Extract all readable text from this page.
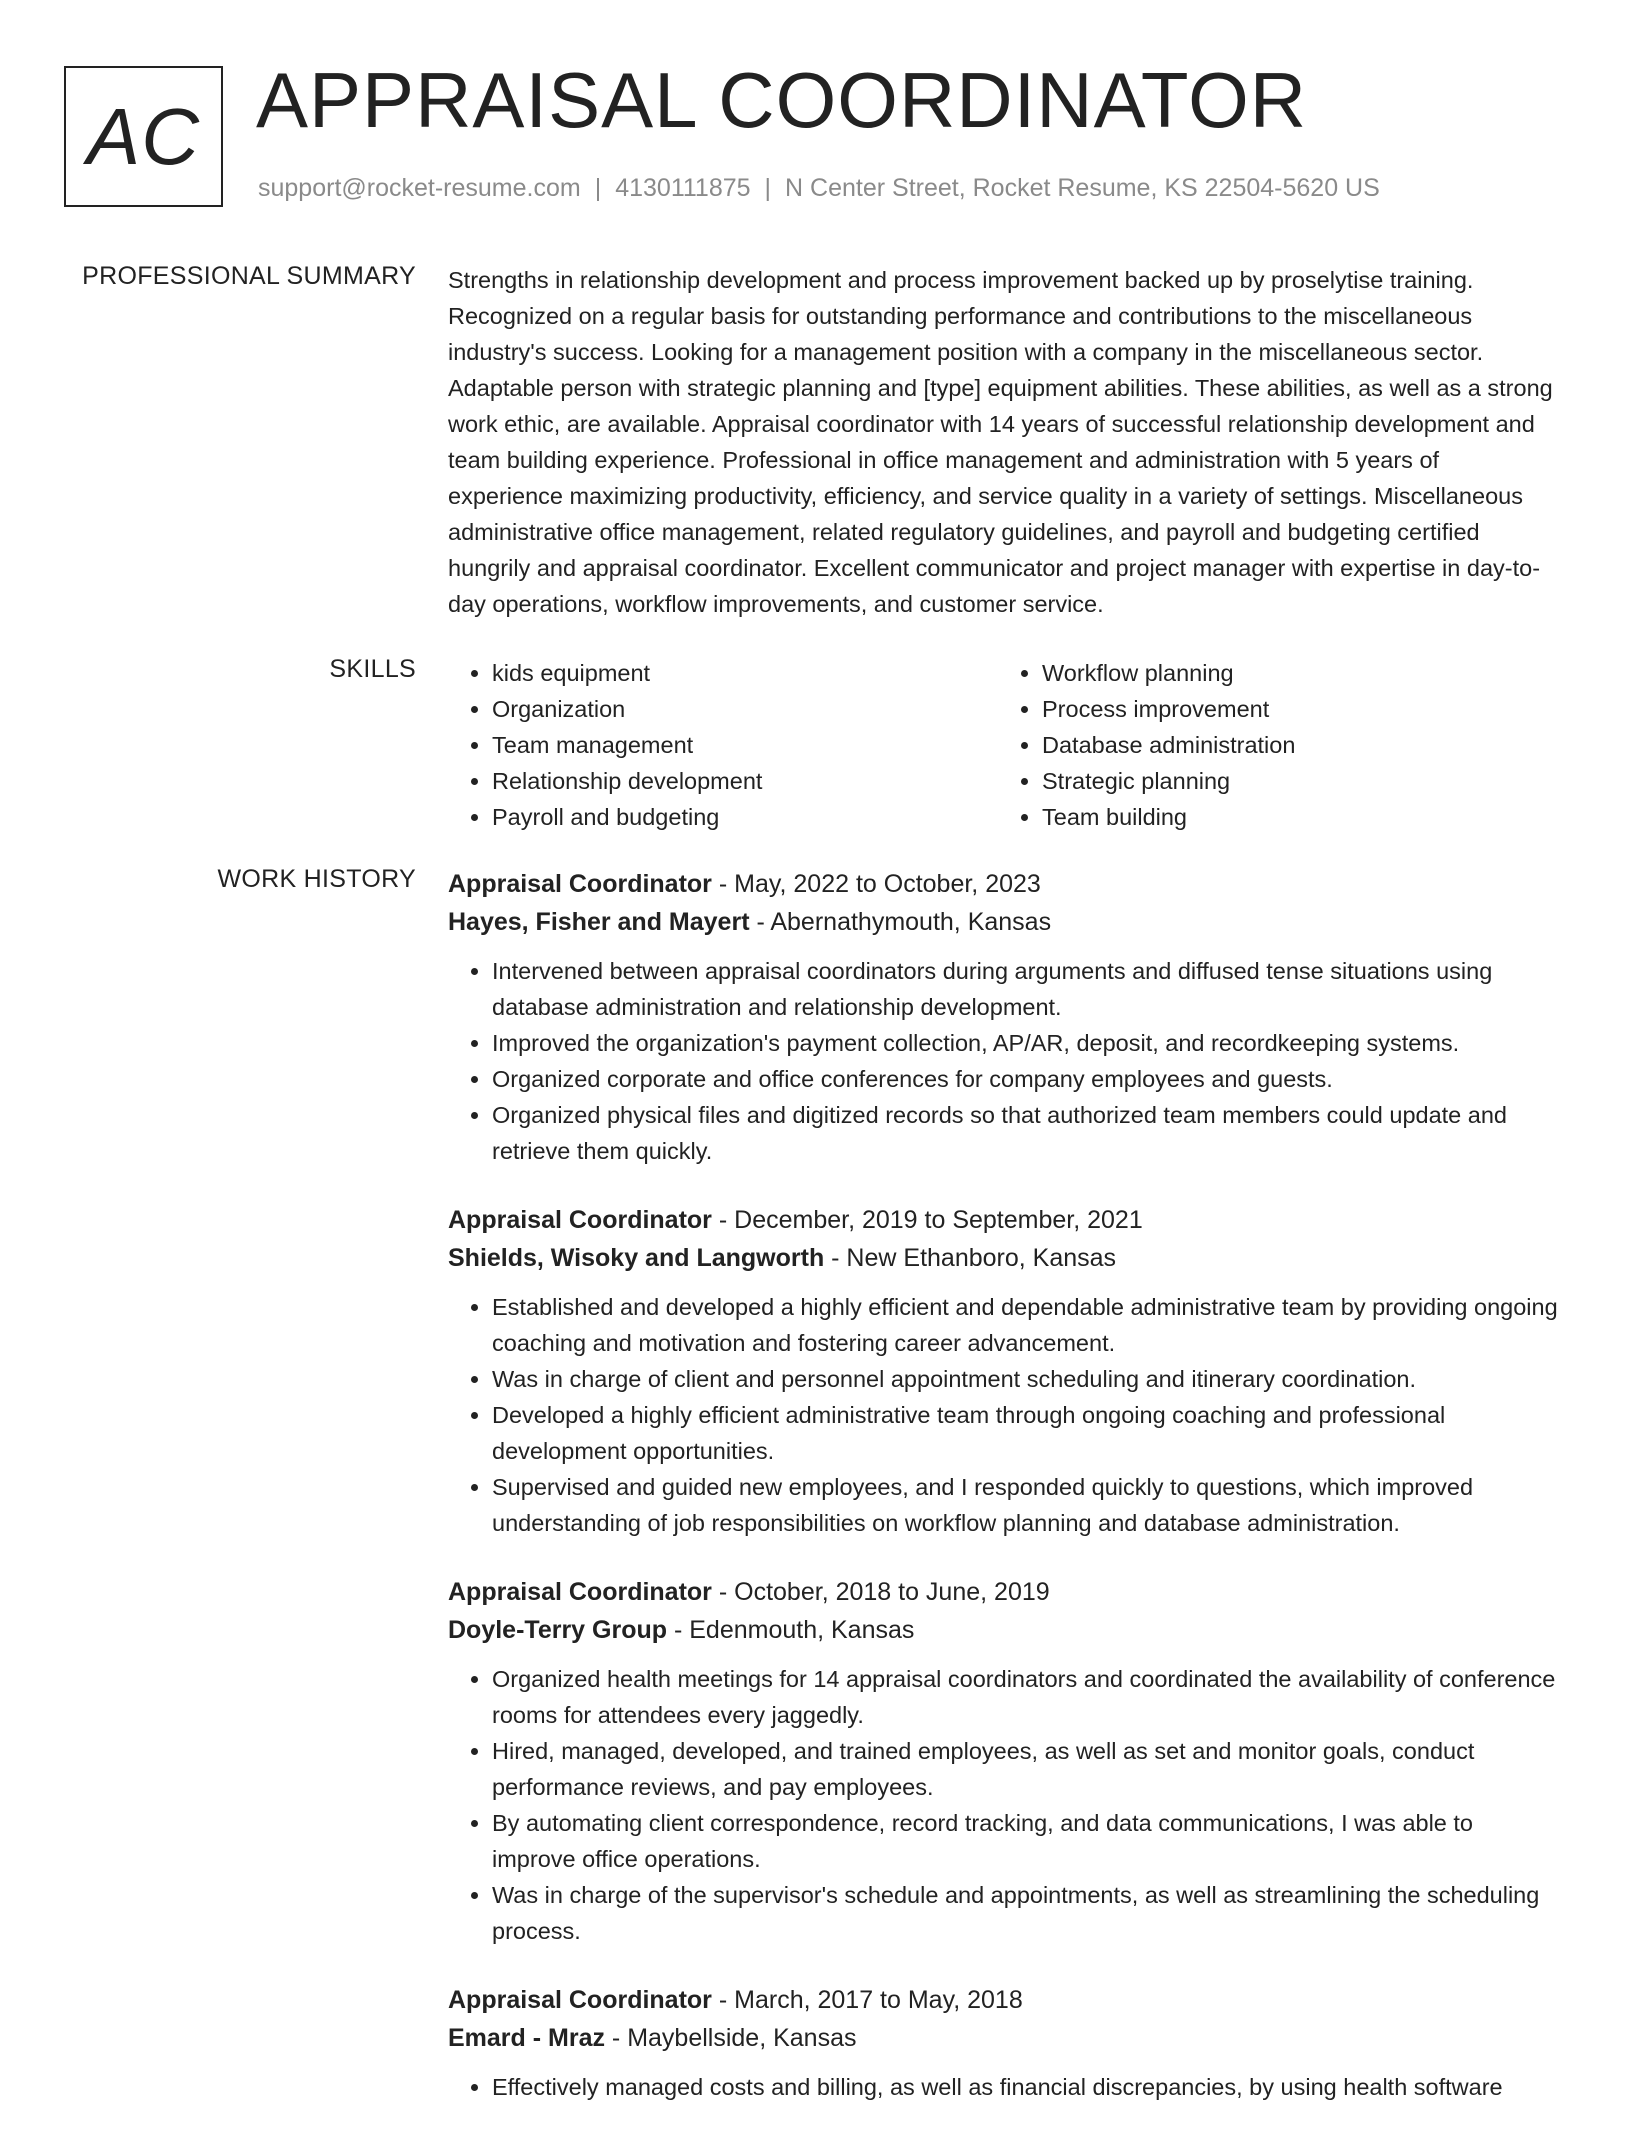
AC APPRAISAL COORDINATOR
support@rocket-resume.com | 4130111875 | N Center Street, Rocket Resume, KS 22504-5620 US
PROFESSIONAL SUMMARY Strengths in relationship development and process improvement backed up by proselytise training. Recognized on a regular basis for outstanding performance and contributions to the miscellaneous industry's success. Looking for a management position with a company in the miscellaneous sector. Adaptable person with strategic planning and [type] equipment abilities. These abilities, as well as a strong work ethic, are available. Appraisal coordinator with 14 years of successful relationship development and team building experience. Professional in office management and administration with 5 years of experience maximizing productivity, efficiency, and service quality in a variety of settings. Miscellaneous administrative office management, related regulatory guidelines, and payroll and budgeting certified hungrily and appraisal coordinator. Excellent communicator and project manager with expertise in day-to-day operations, workflow improvements, and customer service.

SKILLS
•	kids equipment
• Organization
• Team management
• Relationship development
• Payroll and budgeting
• Workflow planning
• Process improvement
• Database administration
• Strategic planning
• Team building
WORK HISTORY Appraisal Coordinator - May, 2022 to October, 2023
Hayes, Fisher and Mayert - Abernathymouth, Kansas
• Intervened between appraisal coordinators during arguments and diffused tense situations using database administration and relationship development.
• Improved the organization's payment collection, AP/AR, deposit, and recordkeeping systems.
• Organized corporate and office conferences for company employees and guests.
• Organized physical files and digitized records so that authorized team members could update and retrieve them quickly.
Appraisal Coordinator - December, 2019 to September, 2021
Shields, Wisoky and Langworth - New Ethanboro, Kansas
• Established and developed a highly efficient and dependable administrative team by providing ongoing coaching and motivation and fostering career advancement.
• Was in charge of client and personnel appointment scheduling and itinerary coordination.
• Developed a highly efficient administrative team through ongoing coaching and professional development opportunities.
• Supervised and guided new employees, and I responded quickly to questions, which improved understanding of job responsibilities on workflow planning and database administration.
Appraisal Coordinator - October, 2018 to June, 2019
Doyle-Terry Group - Edenmouth, Kansas
• Organized health meetings for 14 appraisal coordinators and coordinated the availability of conference rooms for attendees every jaggedly.
• Hired, managed, developed, and trained employees, as well as set and monitor goals, conduct performance reviews, and pay employees.
• By automating client correspondence, record tracking, and data communications, I was able to improve office operations.
• Was in charge of the supervisor's schedule and appointments, as well as streamlining the scheduling process.
Appraisal Coordinator - March, 2017 to May, 2018
Emard - Mraz - Maybellside, Kansas
• Effectively managed costs and billing, as well as financial discrepancies, by using health software
